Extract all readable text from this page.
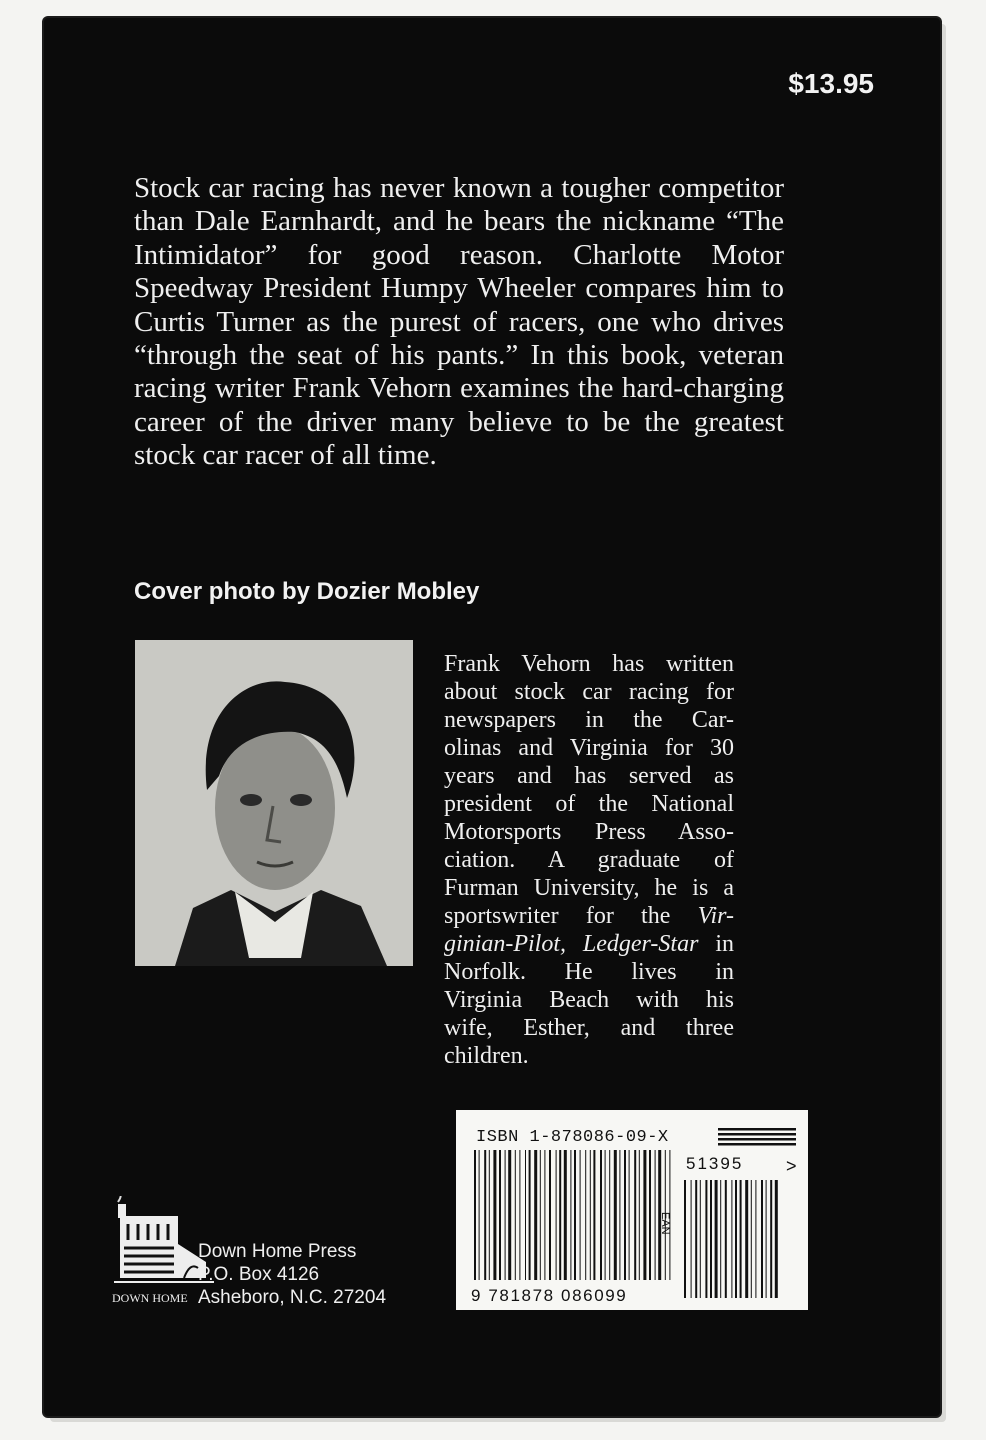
$13.95
Stock car racing has never known a tougher competitor than Dale Earnhardt, and he bears the nickname “The Intimidator” for good reason. Charlotte Motor Speedway President Humpy Wheeler compares him to Curtis Turner as the purest of racers, one who drives “through the seat of his pants.” In this book, veteran racing writer Frank Vehorn examines the hard-charging career of the driver many believe to be the greatest stock car racer of all time.
Cover photo by Dozier Mobley
Frank Vehorn has written
about stock car racing for
newspapers in the Car-
olinas and Virginia for 30
years and has served as
president of the National
Motorsports Press Asso-
ciation. A graduate of
Furman University, he is a
sportswriter for the Vir-
ginian-Pilot, Ledger-Star in
Norfolk. He lives in
Virginia Beach with his
wife, Esther, and three
children.
ISBN 1-878086-09-X
>
51395
EAN
9 781878 086099
DOWN HOME
Down Home Press
P.O. Box 4126
Asheboro, N.C. 27204
